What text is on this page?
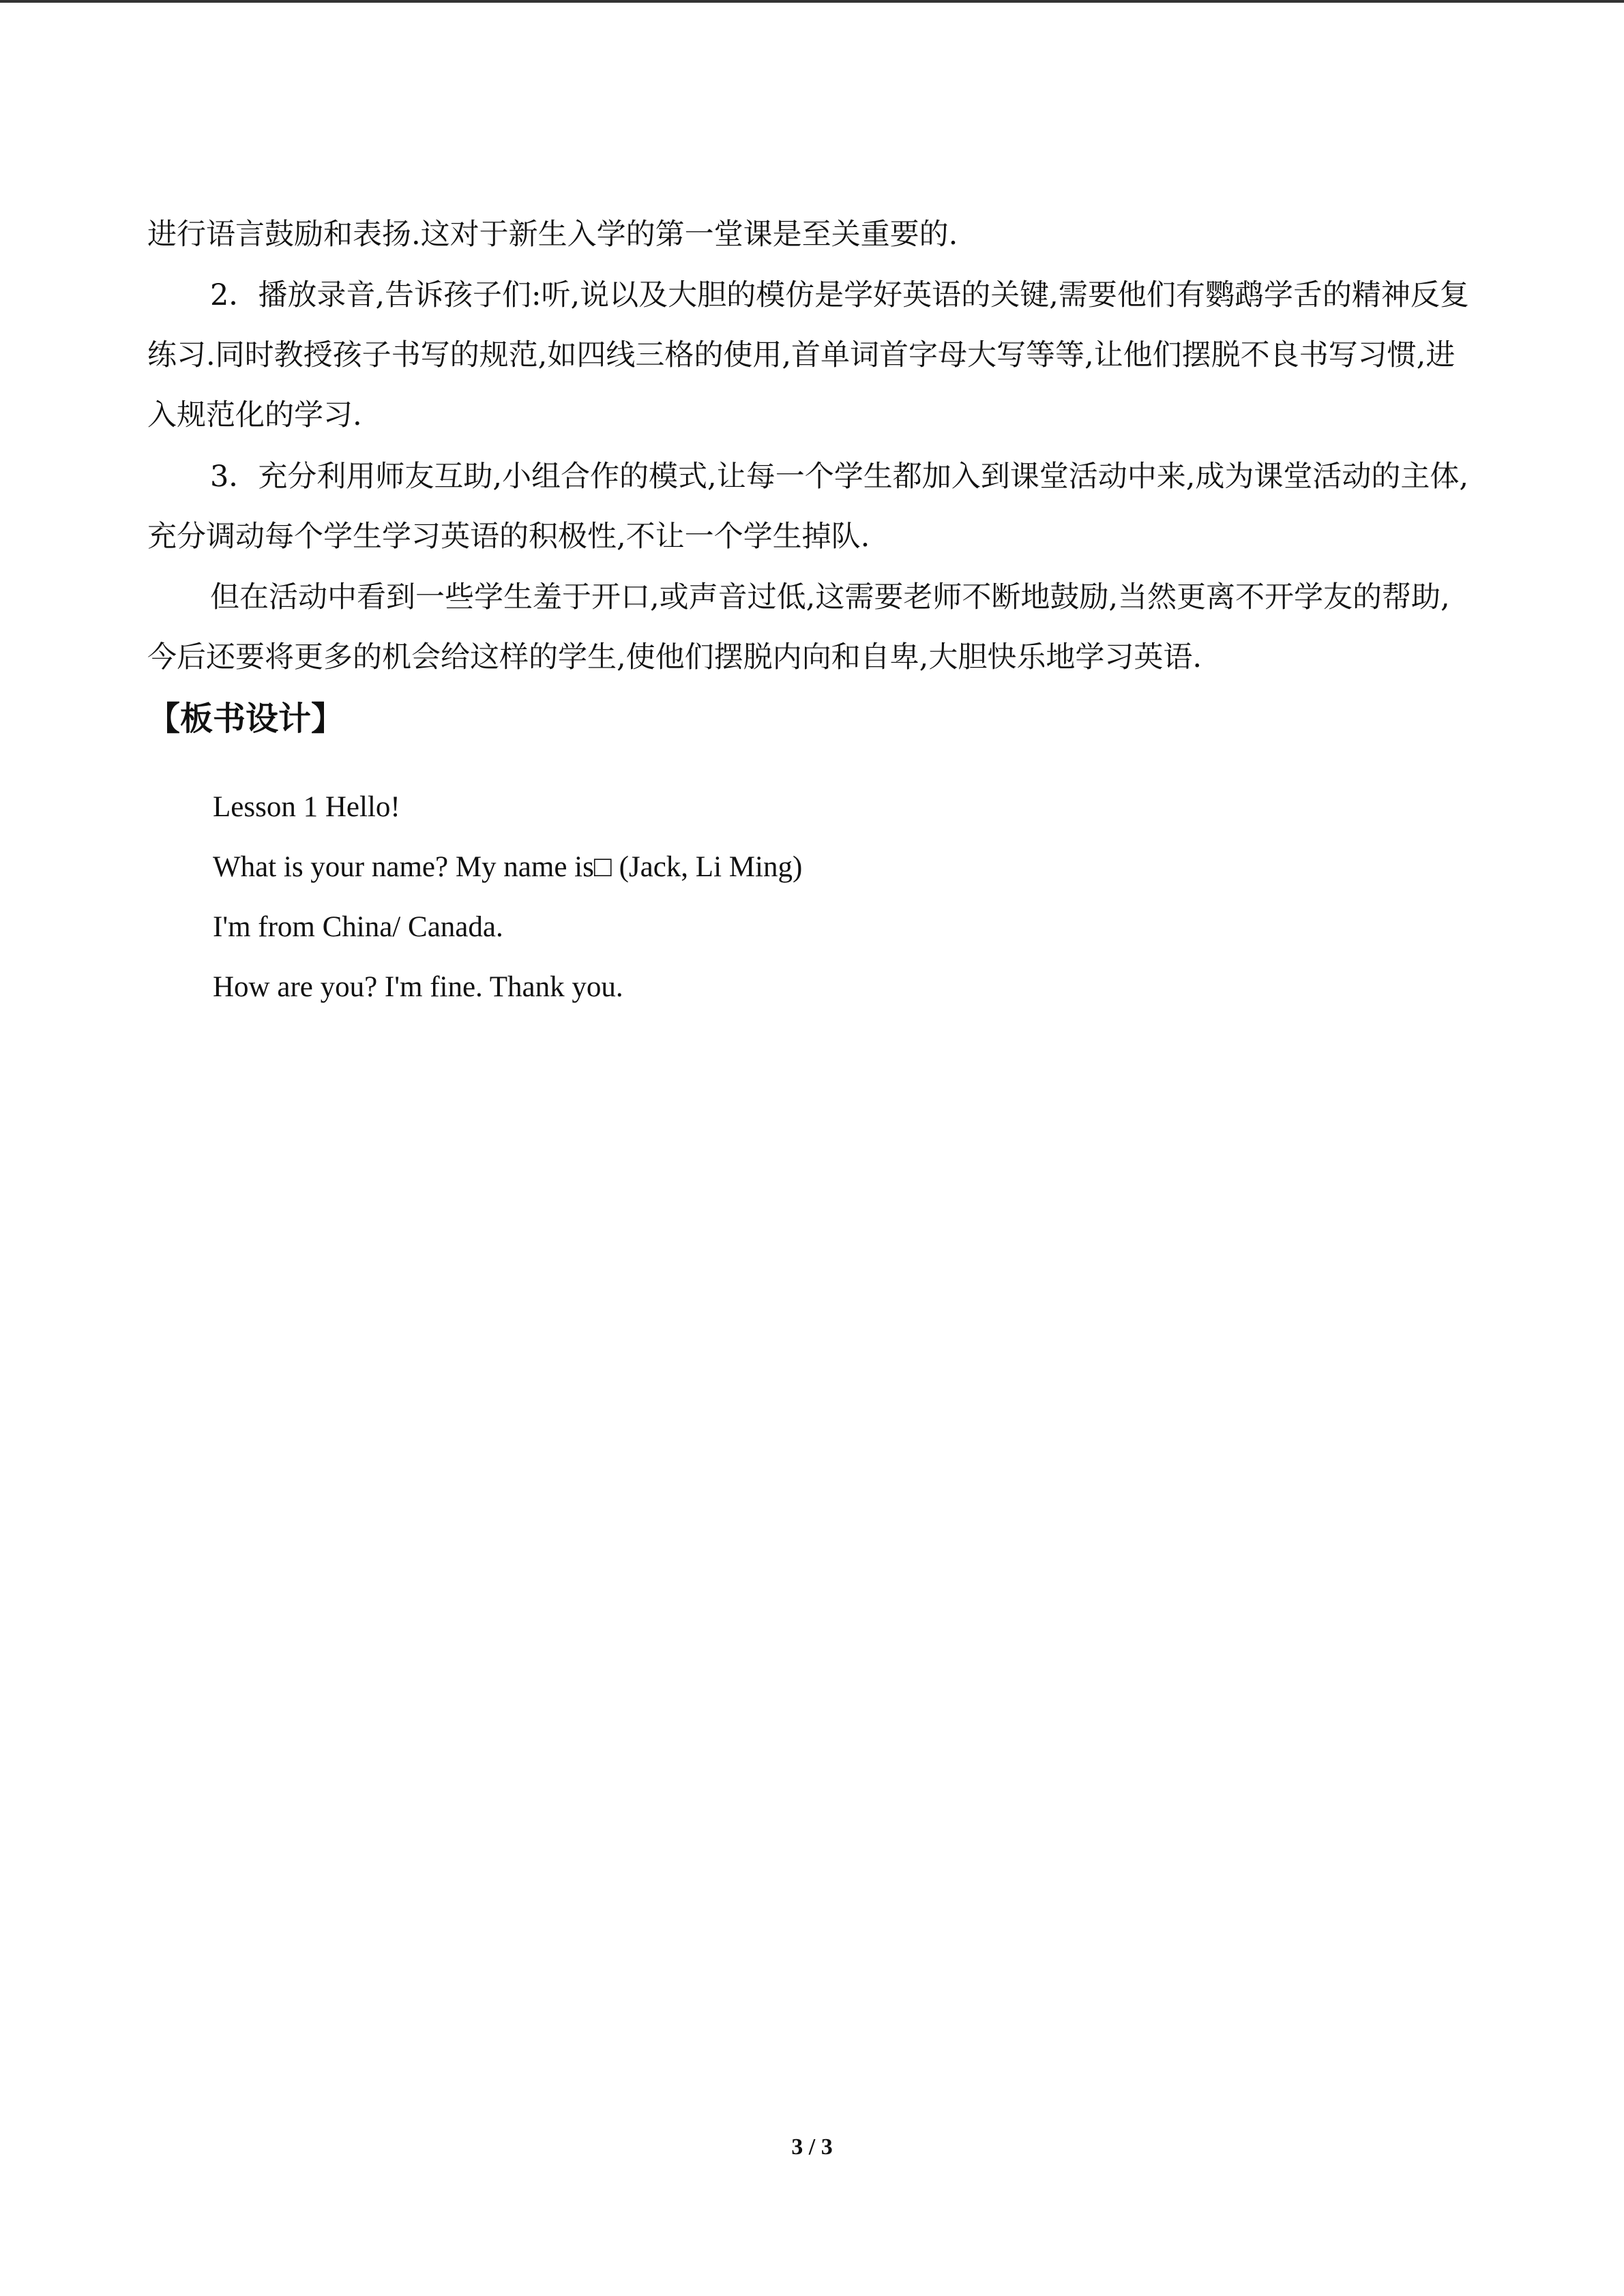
进行语言鼓励和表扬.这对于新生入学的第一堂课是至关重要的.

2．播放录音,告诉孩子们:听,说以及大胆的模仿是学好英语的关键,需要他们有鹦鹉学舌的精神反复练习.同时教授孩子书写的规范,如四线三格的使用,首单词首字母大写等等,让他们摆脱不良书写习惯,进入规范化的学习.

3．充分利用师友互助,小组合作的模式,让每一个学生都加入到课堂活动中来,成为课堂活动的主体,充分调动每个学生学习英语的积极性,不让一个学生掉队.

但在活动中看到一些学生羞于开口,或声音过低,这需要老师不断地鼓励,当然更离不开学友的帮助,今后还要将更多的机会给这样的学生,使他们摆脱内向和自卑,大胆快乐地学习英语.

【板书设计】

Lesson 1 Hello!

What is your name? My name is□ (Jack, Li Ming)

I'm from China/ Canada.

How are you? I'm fine. Thank you.

3 / 3
